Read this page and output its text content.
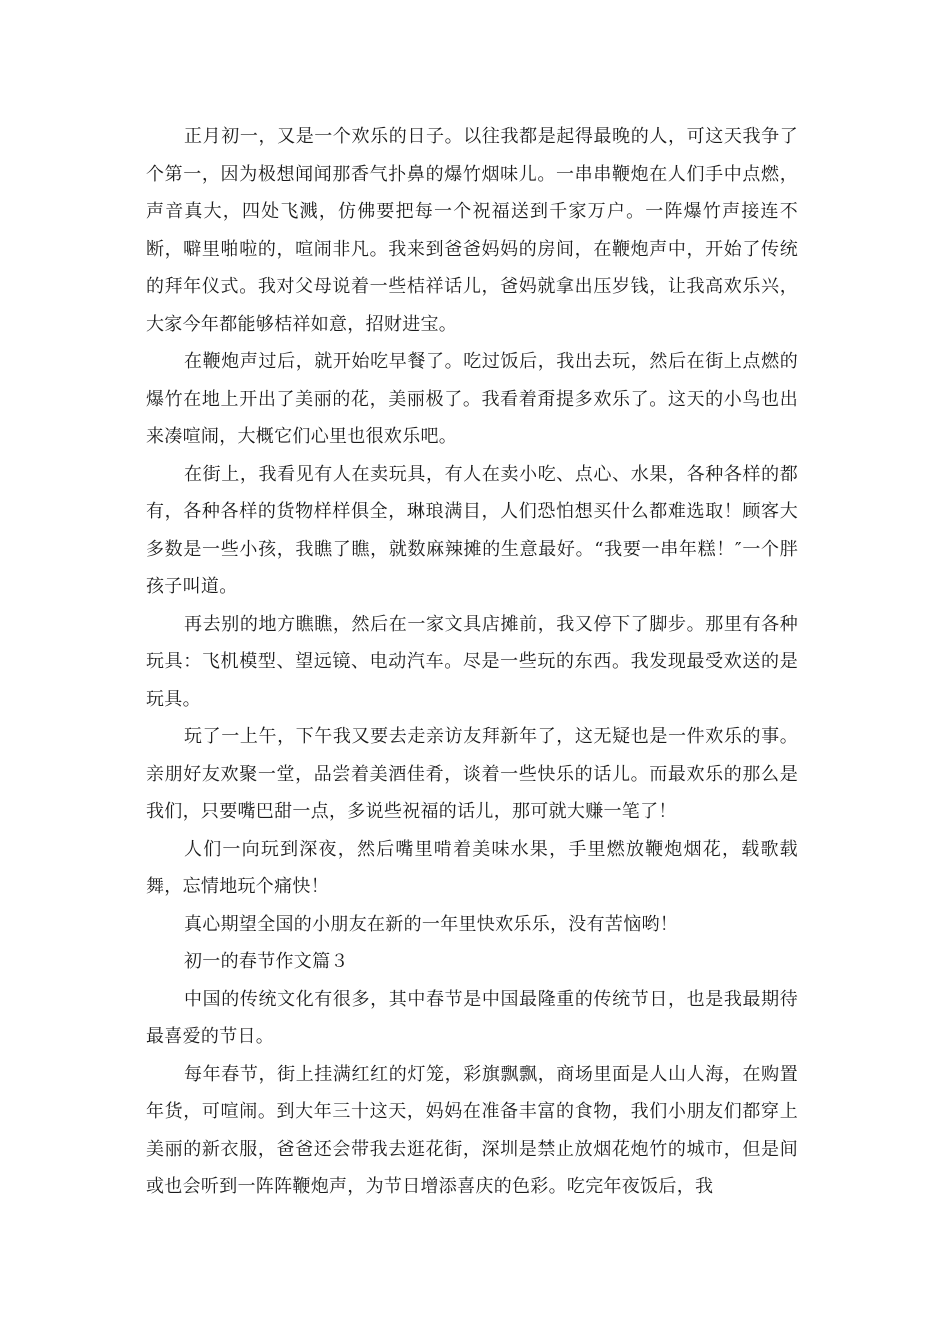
正月初一，又是一个欢乐的日子。以往我都是起得最晚的人，可这天我争了个第一，因为极想闻闻那香气扑鼻的爆竹烟味儿。一串串鞭炮在人们手中点燃，声音真大，四处飞溅，仿佛要把每一个祝福送到千家万户。一阵爆竹声接连不断，噼里啪啦的，喧闹非凡。我来到爸爸妈妈的房间，在鞭炮声中，开始了传统的拜年仪式。我对父母说着一些桔祥话儿，爸妈就拿出压岁钱，让我高欢乐兴，大家今年都能够桔祥如意，招财进宝。

在鞭炮声过后，就开始吃早餐了。吃过饭后，我出去玩，然后在街上点燃的爆竹在地上开出了美丽的花，美丽极了。我看着甭提多欢乐了。这天的小鸟也出来凑喧闹，大概它们心里也很欢乐吧。

在街上，我看见有人在卖玩具，有人在卖小吃、点心、水果，各种各样的都有，各种各样的货物样样俱全，琳琅满目，人们恐怕想买什么都难选取！顾客大多数是一些小孩，我瞧了瞧，就数麻辣摊的生意最好。“我要一串年糕！″一个胖孩子叫道。

再去别的地方瞧瞧，然后在一家文具店摊前，我又停下了脚步。那里有各种玩具：飞机模型、望远镜、电动汽车。尽是一些玩的东西。我发现最受欢送的是玩具。

玩了一上午，下午我又要去走亲访友拜新年了，这无疑也是一件欢乐的事。亲朋好友欢聚一堂，品尝着美酒佳肴，谈着一些快乐的话儿。而最欢乐的那么是我们，只要嘴巴甜一点，多说些祝福的话儿，那可就大赚一笔了！

人们一向玩到深夜，然后嘴里啃着美味水果，手里燃放鞭炮烟花，载歌载舞，忘情地玩个痛快！

真心期望全国的小朋友在新的一年里快欢乐乐，没有苦恼哟！

初一的春节作文篇３

中国的传统文化有很多，其中春节是中国最隆重的传统节日，也是我最期待最喜爱的节日。

每年春节，街上挂满红红的灯笼，彩旗飘飘，商场里面是人山人海，在购置年货，可喧闹。到大年三十这天，妈妈在准备丰富的食物，我们小朋友们都穿上美丽的新衣服，爸爸还会带我去逛花街，深圳是禁止放烟花炮竹的城市，但是间或也会听到一阵阵鞭炮声，为节日增添喜庆的色彩。吃完年夜饭后，我
